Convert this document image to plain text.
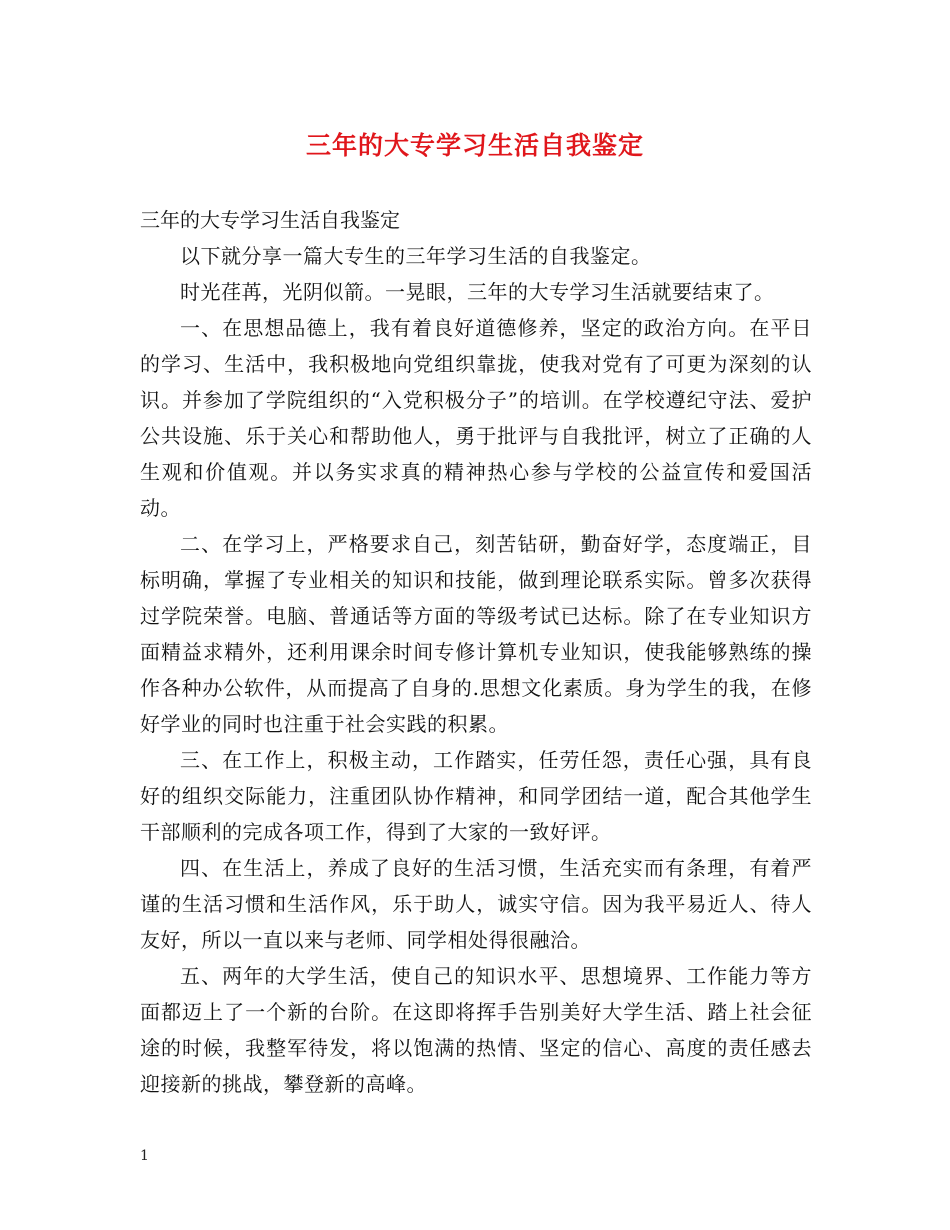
三年的大专学习生活自我鉴定

三年的大专学习生活自我鉴定

以下就分享一篇大专生的三年学习生活的自我鉴定。

时光荏苒，光阴似箭。一晃眼，三年的大专学习生活就要结束了。

一、在思想品德上，我有着良好道德修养，坚定的政治方向。在平日的学习、生活中，我积极地向党组织靠拢，使我对党有了可更为深刻的认识。并参加了学院组织的“入党积极分子”的培训。在学校遵纪守法、爱护公共设施、乐于关心和帮助他人，勇于批评与自我批评，树立了正确的人生观和价值观。并以务实求真的精神热心参与学校的公益宣传和爱国活动。

二、在学习上，严格要求自己，刻苦钻研，勤奋好学，态度端正，目标明确，掌握了专业相关的知识和技能，做到理论联系实际。曾多次获得过学院荣誉。电脑、普通话等方面的等级考试已达标。除了在专业知识方面精益求精外，还利用课余时间专修计算机专业知识，使我能够熟练的操作各种办公软件，从而提高了自身的.思想文化素质。身为学生的我，在修好学业的同时也注重于社会实践的积累。

三、在工作上，积极主动，工作踏实，任劳任怨，责任心强，具有良好的组织交际能力，注重团队协作精神，和同学团结一道，配合其他学生干部顺利的完成各项工作，得到了大家的一致好评。

四、在生活上，养成了良好的生活习惯，生活充实而有条理，有着严谨的生活习惯和生活作风，乐于助人，诚实守信。因为我平易近人、待人友好，所以一直以来与老师、同学相处得很融洽。

五、两年的大学生活，使自己的知识水平、思想境界、工作能力等方面都迈上了一个新的台阶。在这即将挥手告别美好大学生活、踏上社会征途的时候，我整军待发，将以饱满的热情、坚定的信心、高度的责任感去迎接新的挑战，攀登新的高峰。

1
